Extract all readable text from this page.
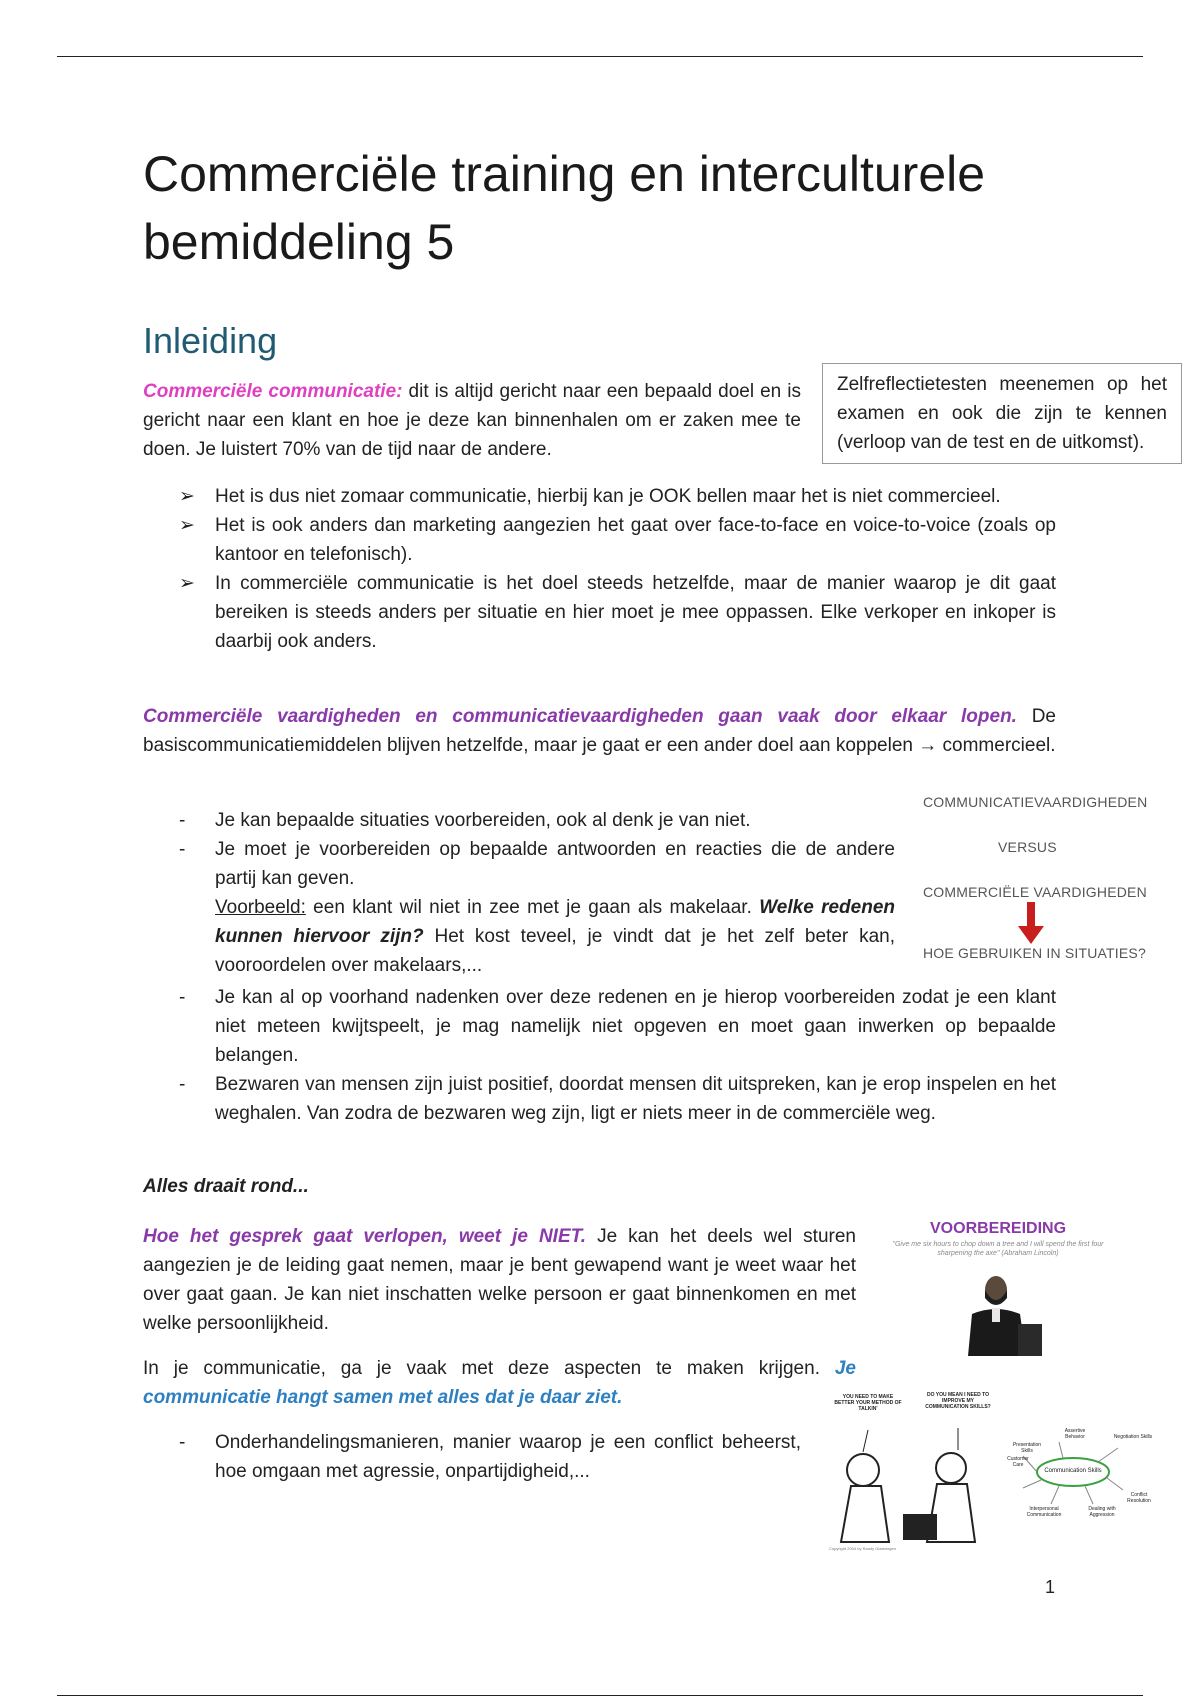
Commerciële training en interculturele bemiddeling 5
Inleiding
Commerciële communicatie: dit is altijd gericht naar een bepaald doel en is gericht naar een klant en hoe je deze kan binnenhalen om er zaken mee te doen. Je luistert 70% van de tijd naar de andere.
Zelfreflectietesten meenemen op het examen en ook die zijn te kennen (verloop van de test en de uitkomst).
➢ Het is dus niet zomaar communicatie, hierbij kan je OOK bellen maar het is niet commercieel.
➢ Het is ook anders dan marketing aangezien het gaat over face-to-face en voice-to-voice (zoals op kantoor en telefonisch).
➢ In commerciële communicatie is het doel steeds hetzelfde, maar de manier waarop je dit gaat bereiken is steeds anders per situatie en hier moet je mee oppassen. Elke verkoper en inkoper is daarbij ook anders.
Commerciële vaardigheden en communicatievaardigheden gaan vaak door elkaar lopen. De basiscommunicatiemiddelen blijven hetzelfde, maar je gaat er een ander doel aan koppelen → commercieel.
-	Je kan bepaalde situaties voorbereiden, ook al denk je van niet.
-	Je moet je voorbereiden op bepaalde antwoorden en reacties die de andere partij kan geven.
Voorbeeld: een klant wil niet in zee met je gaan als makelaar. Welke redenen kunnen hiervoor zijn? Het kost teveel, je vindt dat je het zelf beter kan, vooroordelen over makelaars,...
-	Je kan al op voorhand nadenken over deze redenen en je hierop voorbereiden zodat je een klant niet meteen kwijtspeelt, je mag namelijk niet opgeven en moet gaan inwerken op bepaalde belangen.
-	Bezwaren van mensen zijn juist positief, doordat mensen dit uitspreken, kan je erop inspelen en het weghalen. Van zodra de bezwaren weg zijn, ligt er niets meer in de commerciële weg.
COMMUNICATIEVAARDIGHEDEN
VERSUS
COMMERCIËLE VAARDIGHEDEN
HOE GEBRUIKEN IN SITUATIES?
Alles draait rond...
Hoe het gesprek gaat verlopen, weet je NIET. Je kan het deels wel sturen aangezien je de leiding gaat nemen, maar je bent gewapend want je weet waar het over gaat gaan. Je kan niet inschatten welke persoon er gaat binnenkomen en met welke persoonlijkheid.
In je communicatie, ga je vaak met deze aspecten te maken krijgen. Je communicatie hangt samen met alles dat je daar ziet.
-	Onderhandelingsmanieren, manier waarop je een conflict beheerst, hoe omgaan met agressie, onpartijdigheid,...
VOORBEREIDING
"Give me six hours to chop down a tree and I will spend the first four sharpening the axe" (Abraham Lincoln)
YOU NEED TO MAKE BETTER YOUR METHOD OF TALKIN'
DO YOU MEAN I NEED TO IMPROVE MY COMMUNICATION SKILLS?
Communication Skills
Presentation Skills
Assertive Behavior	Negotiation Skills
Customer Care
Conflict Resolution
Interpersonal Communication
Dealing with Aggression
Copyright 2004 by Randy Glasbergen
1
